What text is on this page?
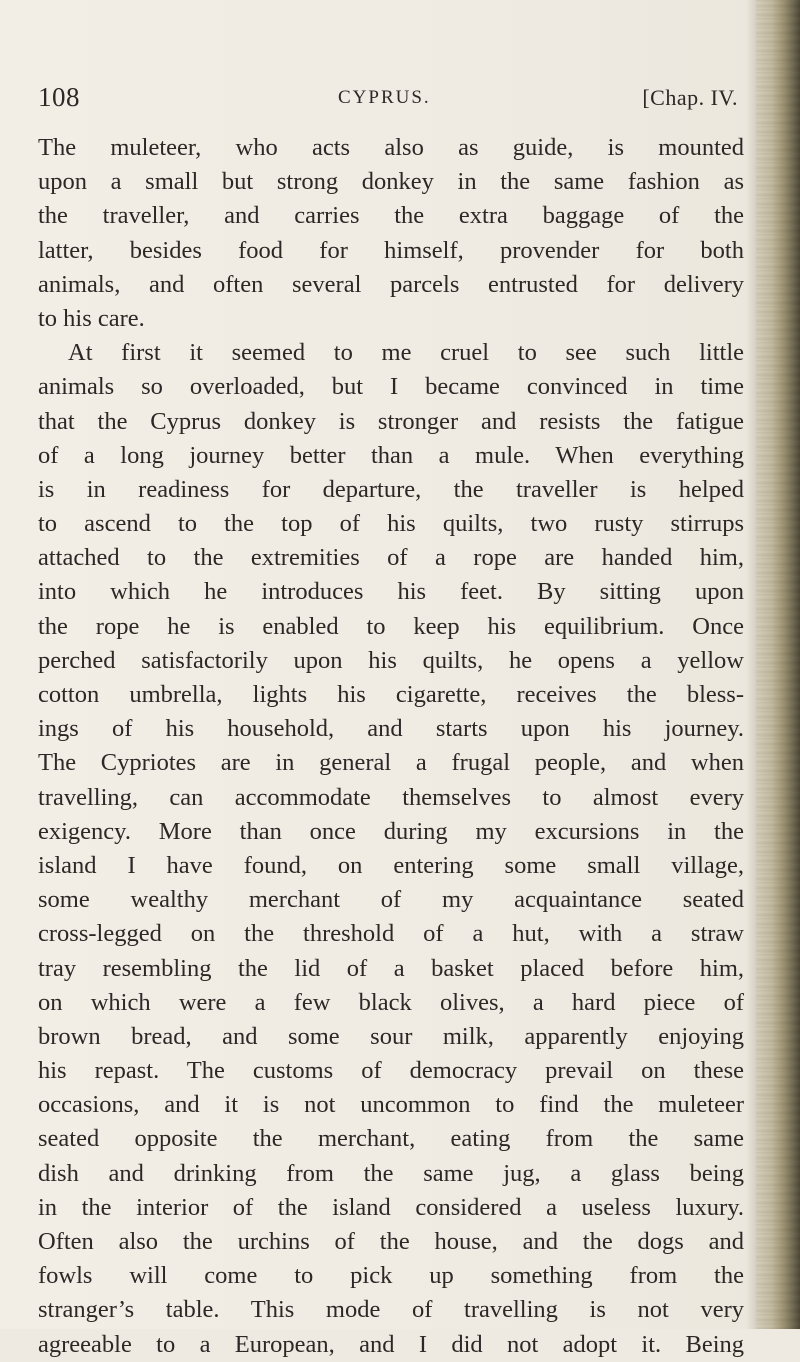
108	CYPRUS.	[Chap. IV.
The muleteer, who acts also as guide, is mounted
upon a small but strong donkey in the same fashion as
the traveller, and carries the extra baggage of the
latter, besides food for himself, provender for both
animals, and often several parcels entrusted for delivery
to his care.
At first it seemed to me cruel to see such little
animals so overloaded, but I became convinced in time
that the Cyprus donkey is stronger and resists the fatigue
of a long journey better than a mule. When everything
is in readiness for departure, the traveller is helped
to ascend to the top of his quilts, two rusty stirrups
attached to the extremities of a rope are handed him,
into which he introduces his feet. By sitting upon
the rope he is enabled to keep his equilibrium. Once
perched satisfactorily upon his quilts, he opens a yellow
cotton umbrella, lights his cigarette, receives the bless-
ings of his household, and starts upon his journey.
The Cypriotes are in general a frugal people, and when
travelling, can accommodate themselves to almost every
exigency. More than once during my excursions in the
island I have found, on entering some small village,
some wealthy merchant of my acquaintance seated
cross-legged on the threshold of a hut, with a straw
tray resembling the lid of a basket placed before him,
on which were a few black olives, a hard piece of
brown bread, and some sour milk, apparently enjoying
his repast. The customs of democracy prevail on these
occasions, and it is not uncommon to find the muleteer
seated opposite the merchant, eating from the same
dish and drinking from the same jug, a glass being
in the interior of the island considered a useless luxury.
Often also the urchins of the house, and the dogs and
fowls will come to pick up something from the
stranger’s table. This mode of travelling is not very
agreeable to a European, and I did not adopt it. Being
